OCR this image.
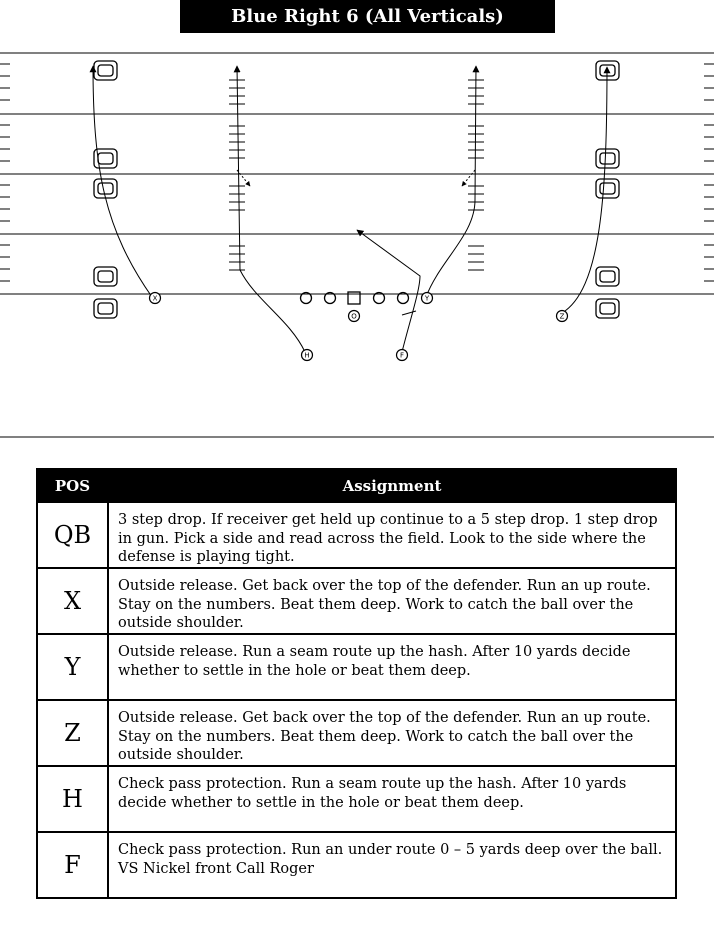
Blue Right 6 (All Verticals)
O
X	Y
Z
H	F
POS	Assignment
QB	3 step drop. If receiver get held up continue to a 5 step drop. 1 step drop in gun. Pick a side and read across the field. Look to the side where the defense is playing tight.
X	Outside release. Get back over the top of the defender. Run an up route. Stay on the numbers. Beat them deep. Work to catch the ball over the outside shoulder.
Y	Outside release. Run a seam route up the hash. After 10 yards decide whether to settle in the hole or beat them deep.
Z	Outside release. Get back over the top of the defender. Run an up route. Stay on the numbers. Beat them deep. Work to catch the ball over the outside shoulder.
H	Check pass protection. Run a seam route up the hash. After 10 yards decide whether to settle in the hole or beat them deep.
F	Check pass protection. Run an under route 0 – 5 yards deep over the ball. VS Nickel front Call Roger
